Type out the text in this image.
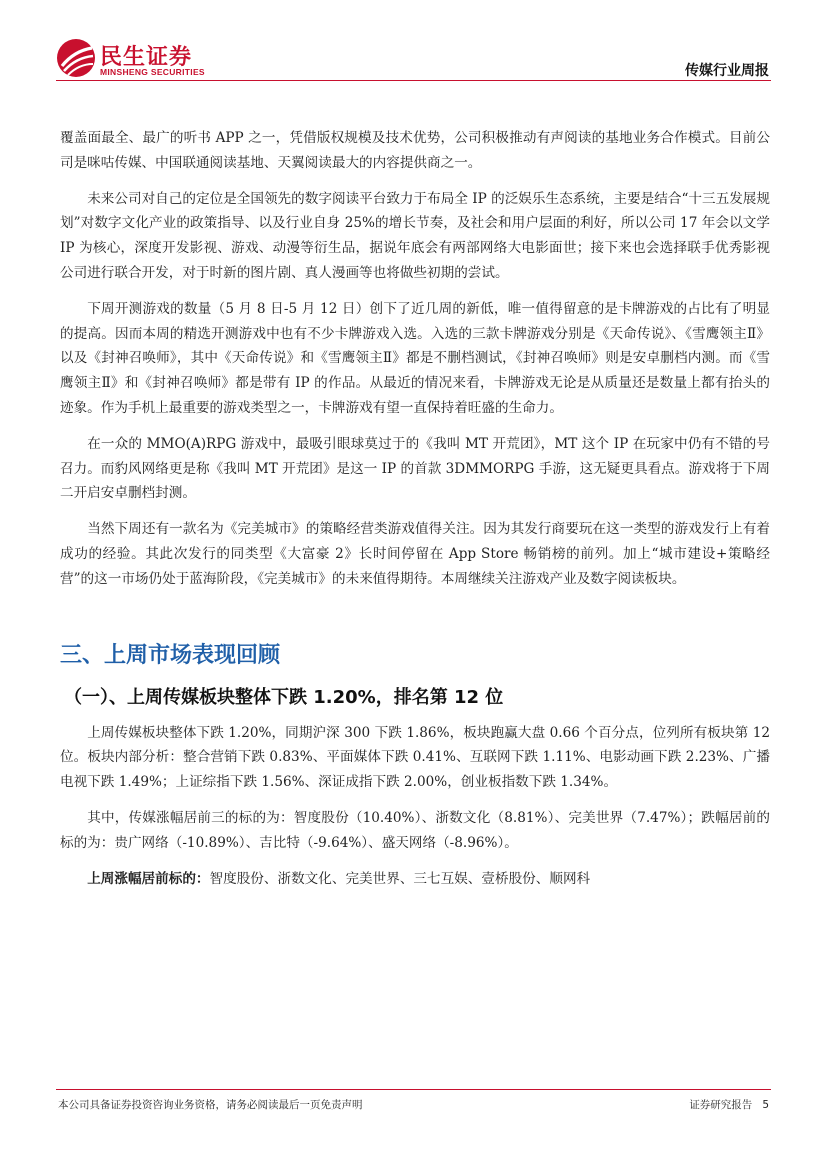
民生证券
MINSHENG SECURITIES	传媒行业周报

覆盖面最全、最广的听书 APP 之一，凭借版权规模及技术优势，公司积极推动有声阅读的基地业务合作模式。目前公司是咪咕传媒、中国联通阅读基地、天翼阅读最大的内容提供商之一。

未来公司对自己的定位是全国领先的数字阅读平台致力于布局全 IP 的泛娱乐生态系统，主要是结合“十三五发展规划”对数字文化产业的政策指导、以及行业自身 25%的增长节奏，及社会和用户层面的利好，所以公司 17 年会以文学 IP 为核心，深度开发影视、游戏、动漫等衍生品，据说年底会有两部网络大电影面世；接下来也会选择联手优秀影视公司进行联合开发，对于时新的图片剧、真人漫画等也将做些初期的尝试。

下周开测游戏的数量（5 月 8 日-5 月 12 日）创下了近几周的新低，唯一值得留意的是卡牌游戏的占比有了明显的提高。因而本周的精选开测游戏中也有不少卡牌游戏入选。入选的三款卡牌游戏分别是《天命传说》、《雪鹰领主Ⅱ》以及《封神召唤师》，其中《天命传说》和《雪鹰领主Ⅱ》都是不删档测试，《封神召唤师》则是安卓删档内测。而《雪鹰领主Ⅱ》和《封神召唤师》都是带有 IP 的作品。从最近的情况来看，卡牌游戏无论是从质量还是数量上都有抬头的迹象。作为手机上最重要的游戏类型之一，卡牌游戏有望一直保持着旺盛的生命力。

在一众的 MMO(A)RPG 游戏中，最吸引眼球莫过于的《我叫 MT 开荒团》，MT 这个 IP 在玩家中仍有不错的号召力。而豹风网络更是称《我叫 MT 开荒团》是这一 IP 的首款 3DMMORPG 手游，这无疑更具看点。游戏将于下周二开启安卓删档封测。

当然下周还有一款名为《完美城市》的策略经营类游戏值得关注。因为其发行商要玩在这一类型的游戏发行上有着成功的经验。其此次发行的同类型《大富豪 2》长时间停留在 App Store 畅销榜的前列。加上“城市建设+策略经营”的这一市场仍处于蓝海阶段，《完美城市》的未来值得期待。本周继续关注游戏产业及数字阅读板块。

三、上周市场表现回顾
（一）、上周传媒板块整体下跌 1.20%，排名第 12 位

上周传媒板块整体下跌 1.20%，同期沪深 300 下跌 1.86%，板块跑赢大盘 0.66 个百分点，位列所有板块第 12 位。板块内部分析：整合营销下跌 0.83%、平面媒体下跌 0.41%、互联网下跌 1.11%、电影动画下跌 2.23%、广播电视下跌 1.49%；上证综指下跌 1.56%、深证成指下跌 2.00%，创业板指数下跌 1.34%。

其中，传媒涨幅居前三的标的为：智度股份（10.40%）、浙数文化（8.81%）、完美世界（7.47%）；跌幅居前的标的为：贵广网络（-10.89%）、吉比特（-9.64%）、盛天网络（-8.96%）。

上周涨幅居前标的：智度股份、浙数文化、完美世界、三七互娱、壹桥股份、顺网科

本公司具备证券投资咨询业务资格，请务必阅读最后一页免责声明	证券研究报告 5
